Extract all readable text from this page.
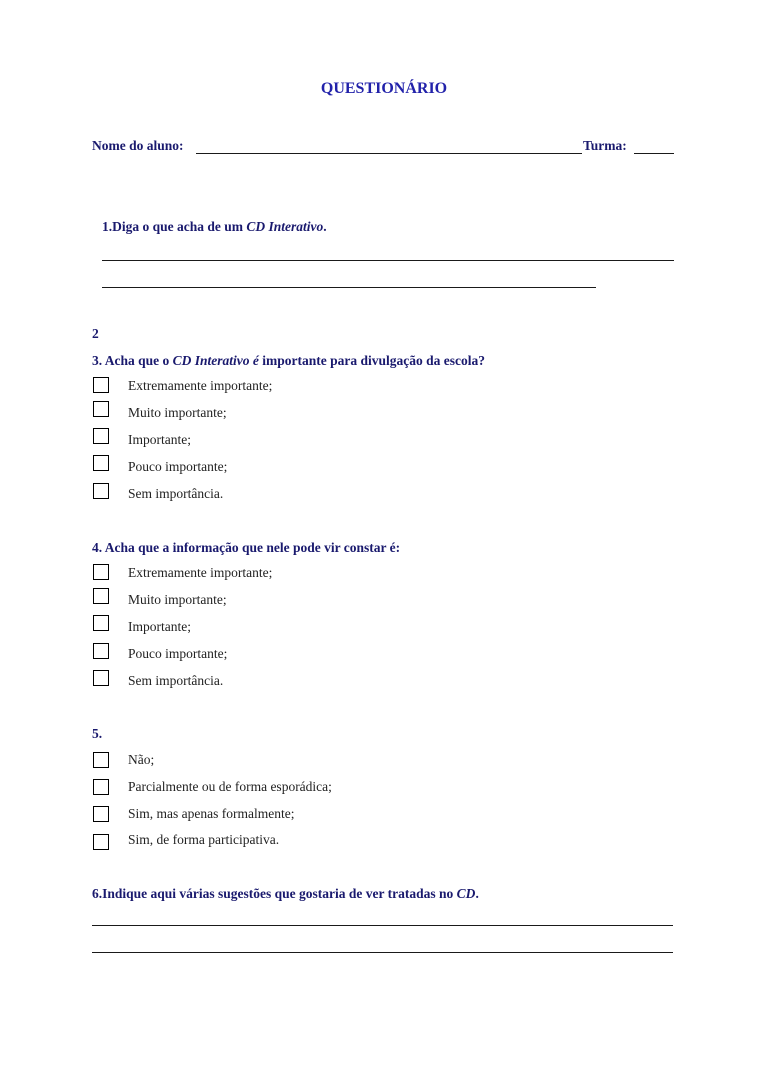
QUESTIONÁRIO
Nome do aluno:	Turma:
1.Diga o que acha de um CD Interativo.
2
3. Acha que o CD Interativo é importante para divulgação da escola?
Extremamente importante;
Muito importante;
Importante;
Pouco importante;
Sem importância.
4. Acha que a informação que nele pode vir constar é:
Extremamente importante;
Muito importante;
Importante;
Pouco importante;
Sem importância.
5.
Não;
Parcialmente ou de forma esporádica;
Sim, mas apenas formalmente;
Sim, de forma participativa.
6.Indique aqui várias sugestões que gostaria de ver tratadas no CD.
